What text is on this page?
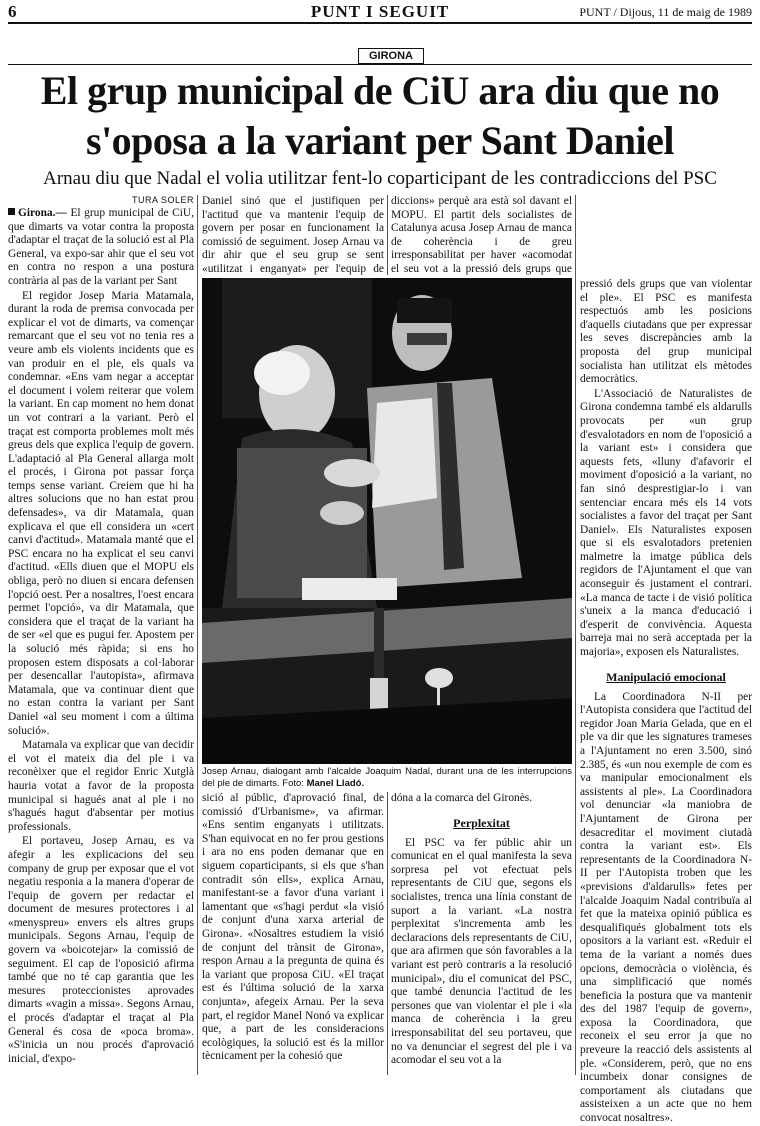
6	PUNT I SEGUIT	PUNT / Dijous, 11 de maig de 1989
GIRONA
El grup municipal de CiU ara diu que no s'oposa a la variant per Sant Daniel
Arnau diu que Nadal el volia utilitzar fent-lo coparticipant de les contradiccions del PSC
TURA SOLER

Girona.— El grup municipal de CiU, que dimarts va votar contra la proposta d'adaptar el traçat de la solució est al Pla General, va expo-sar ahir que el seu vot en contra no respon a una postura contrària al pas de la variant per Sant

El regidor Josep Maria Matamala, durant la roda de premsa convocada per explicar el vot de dimarts, va començar remarcant que el seu vot no tenia res a veure amb els violents incidents que es van produir en el ple, els quals va condemnar. «Ens vam negar a acceptar el document i volem reiterar que volem la variant. En cap moment no hem donat un vot contrari a la variant. Però el traçat est comporta problemes molt més greus dels que explica l'equip de govern. L'adaptació al Pla General allarga molt el procés, i Girona pot passar força temps sense variant. Creiem que hi ha altres solucions que no han estat prou defensades», va dir Matamala, quan explicava el que ell considera un «cert canvi d'actitud». Matamala manté que el PSC encara no ha explicat el seu canvi d'actitud. «Ells diuen que el MOPU els obliga, però no diuen si encara defensen l'opció oest. Per a nosaltres, l'oest encara permet l'opció», va dir Matamala, que considera que el traçat de la variant ha de ser «el que es pugui fer. Apostem per la solució més ràpida; si ens ho proposen estem disposats a col·laborar per desencallar l'autopista», afirmava Matamala, que va continuar dient que no estan contra la variant per Sant Daniel «al seu moment i com a última solució».

Matamala va explicar que van decidir el vot el mateix dia del ple i va reconèixer que el regidor Enric Xutglà hauria votat a favor de la proposta municipal si hagués anat al ple i no s'hagués hagut d'absentar per motius professionals.

El portaveu, Josep Arnau, es va afegir a les explicacions del seu company de grup per exposar que el vot negatiu responia a la manera d'operar de l'equip de govern per redactar el document de mesures protectores i al «menyspreu» envers els altres grups municipals. Segons Arnau, l'equip de govern va «boicotejar» la comissió de seguiment. El cap de l'oposició afirma també que no té cap garantia que les mesures proteccionistes aprovades dimarts «vagin a missa». Segons Arnau, el procés d'adaptar el traçat al Pla General és cosa de «poca broma». «S'inicia un nou procés d'aprovació inicial, d'expo-

Daniel sinó que el justifiquen per l'actitud que va mantenir l'equip de govern per posar en funcionament la comissió de seguiment. Josep Arnau va dir ahir que el seu grup se sent «utilitzat i enganyat» per l'equip de

diccions» perquè ara està sol davant el MOPU. El partit dels socialistes de Catalunya acusa Josep Arnau de manca de coherència i de greu irresponsabilitat per haver «acomodat el seu vot a la pressió dels grups que

Josep Arnau, dialogant amb l'alcalde Joaquim Nadal, durant una de les interrupcions del ple de dimarts. Foto: Manel Lladó.

sició al públic, d'aprovació final, de comissió d'Urbanisme», va afirmar. «Ens sentim enganyats i utilitzats. S'han equivocat en no fer prou gestions i ara no ens poden demanar que en siguem coparticipants, si els que s'han contradit són ells», explica Arnau, manifestant-se a favor d'una variant i lamentant que «s'hagi perdut «la visió de conjunt d'una xarxa arterial de Girona». «Nosaltres estudiem la visió de conjunt del trànsit de Girona», respon Arnau a la pregunta de quina és la variant que proposa CiU. «El traçat est és l'última solució de la xarxa conjunta», afegeix Arnau. Per la seva part, el regidor Manel Nonó va explicar que, a part de les consideracions ecològiques, la solució est és la millor tècnicament per la cohesió que

dóna a la comarca del Gironès.

Perplexitat

El PSC va fer públic ahir un comunicat en el qual manifesta la seva sorpresa pel vot efectuat pels representants de CiU que, segons els socialistes, trenca una línia constant de suport a la variant. «La nostra perplexitat s'incrementa amb les declaracions dels representants de CiU, que ara afirmen que són favorables a la variant est però contraris a la resolució municipal», diu el comunicat del PSC, que també denuncia l'actitud de les persones que van violentar el ple i «la manca de coherència i la greu irresponsabilitat del seu portaveu, que no va denunciar el segrest del ple i va acomodar el seu vot a la

pressió dels grups que van violentar el ple». El PSC es manifesta respectuós amb les posicions d'aquells ciutadans que per expressar les seves discrepàncies amb la proposta del grup municipal socialista han utilitzat els mètodes democràtics.

L'Associació de Naturalistes de Girona condemna també els aldarulls provocats per «un grup d'esvalotadors en nom de l'oposició a la variant est» i considera que aquests fets, «lluny d'afavorir el moviment d'oposició a la variant, no fan sinó desprestigiar-lo i van sentenciar encara més els 14 vots socialistes a favor del traçat per Sant Daniel». Els Naturalistes exposen que si els esvalotadors pretenien malmetre la imatge pública dels regidors de l'Ajuntament el que van aconseguir és justament el contrari. «La manca de tacte i de visió política s'uneix a la manca d'educació i d'esperit de convivència. Aquesta barreja mai no serà acceptada per la majoria», exposen els Naturalistes.

Manipulació emocional

La Coordinadora N-II per l'Autopista considera que l'actitud del regidor Joan Maria Gelada, que en el ple va dir que les signatures trameses a l'Ajuntament no eren 3.500, sinó 2.385, és «un nou exemple de com es va manipular emocionalment els assistents al ple». La Coordinadora vol denunciar «la maniobra de l'Ajuntament de Girona per desacreditar el moviment ciutadà contra la variant est». Els representants de la Coordinadora N-II per l'Autopista troben que les «previsions d'aldarulls» fetes per l'alcalde Joaquim Nadal contribuïa al fet que la mateixa opinió pública es desqualifiqués globalment tots els opositors a la variant est. «Reduir el tema de la variant a només dues opcions, democràcia o violència, és una simplificació que només beneficia la postura que va mantenir des del 1987 l'equip de govern», exposa la Coordinadora, que reconeix el seu error ja que no preveure la reacció dels assistents al ple. «Considerem, però, que no ens incumbeix donar consignes de comportament als ciutadans que assisteixen a un acte que no hem convocat nosaltres».
